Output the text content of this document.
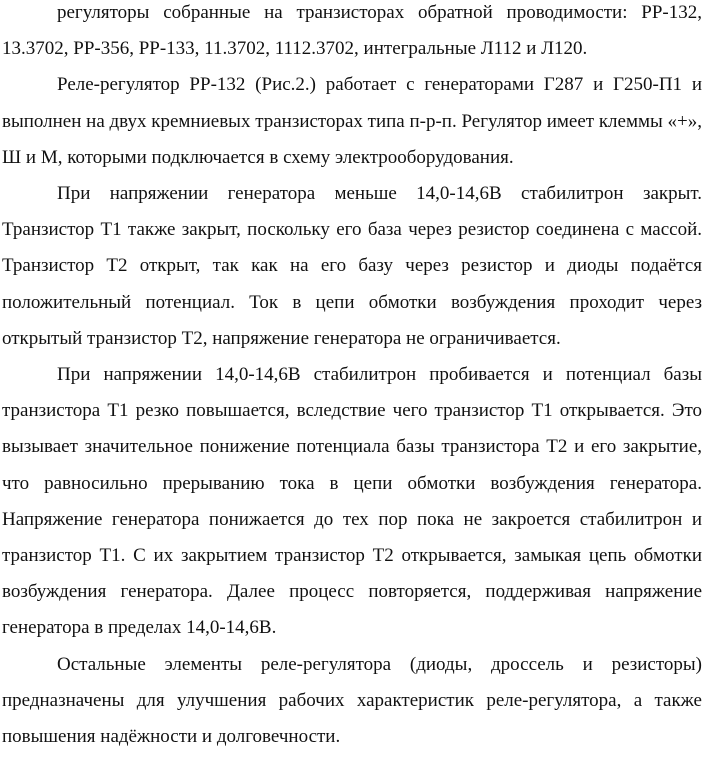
регуляторы собранные на транзисторах обратной проводимости: РР-132, 13.3702, РР-356, РР-133, 11.3702, 1112.3702, интегральные Л112 и Л120.

Реле-регулятор РР-132 (Рис.2.) работает с генераторами Г287 и Г250-П1 и выполнен на двух кремниевых транзисторах типа п-р-п. Регулятор имеет клеммы «+», Ш и М, которыми подключается в схему электрооборудования.

При напряжении генератора меньше 14,0-14,6В стабилитрон закрыт. Транзистор Т1 также закрыт, поскольку его база через резистор соединена с массой. Транзистор Т2 открыт, так как на его базу через резистор и диоды подаётся положительный потенциал. Ток в цепи обмотки возбуждения проходит через открытый транзистор Т2, напряжение генератора не ограничивается.

При напряжении 14,0-14,6В стабилитрон пробивается и потенциал базы транзистора Т1 резко повышается, вследствие чего транзистор Т1 открывается. Это вызывает значительное понижение потенциала базы транзистора Т2 и его закрытие, что равносильно прерыванию тока в цепи обмотки возбуждения генератора. Напряжение генератора понижается до тех пор пока не закроется стабилитрон и транзистор Т1. С их закрытием транзистор Т2 открывается, замыкая цепь обмотки возбуждения генератора. Далее процесс повторяется, поддерживая напряжение генератора в пределах 14,0-14,6В.

Остальные элементы реле-регулятора (диоды, дроссель и резисторы) предназначены для улучшения рабочих характеристик реле-регулятора, а также повышения надёжности и долговечности.
